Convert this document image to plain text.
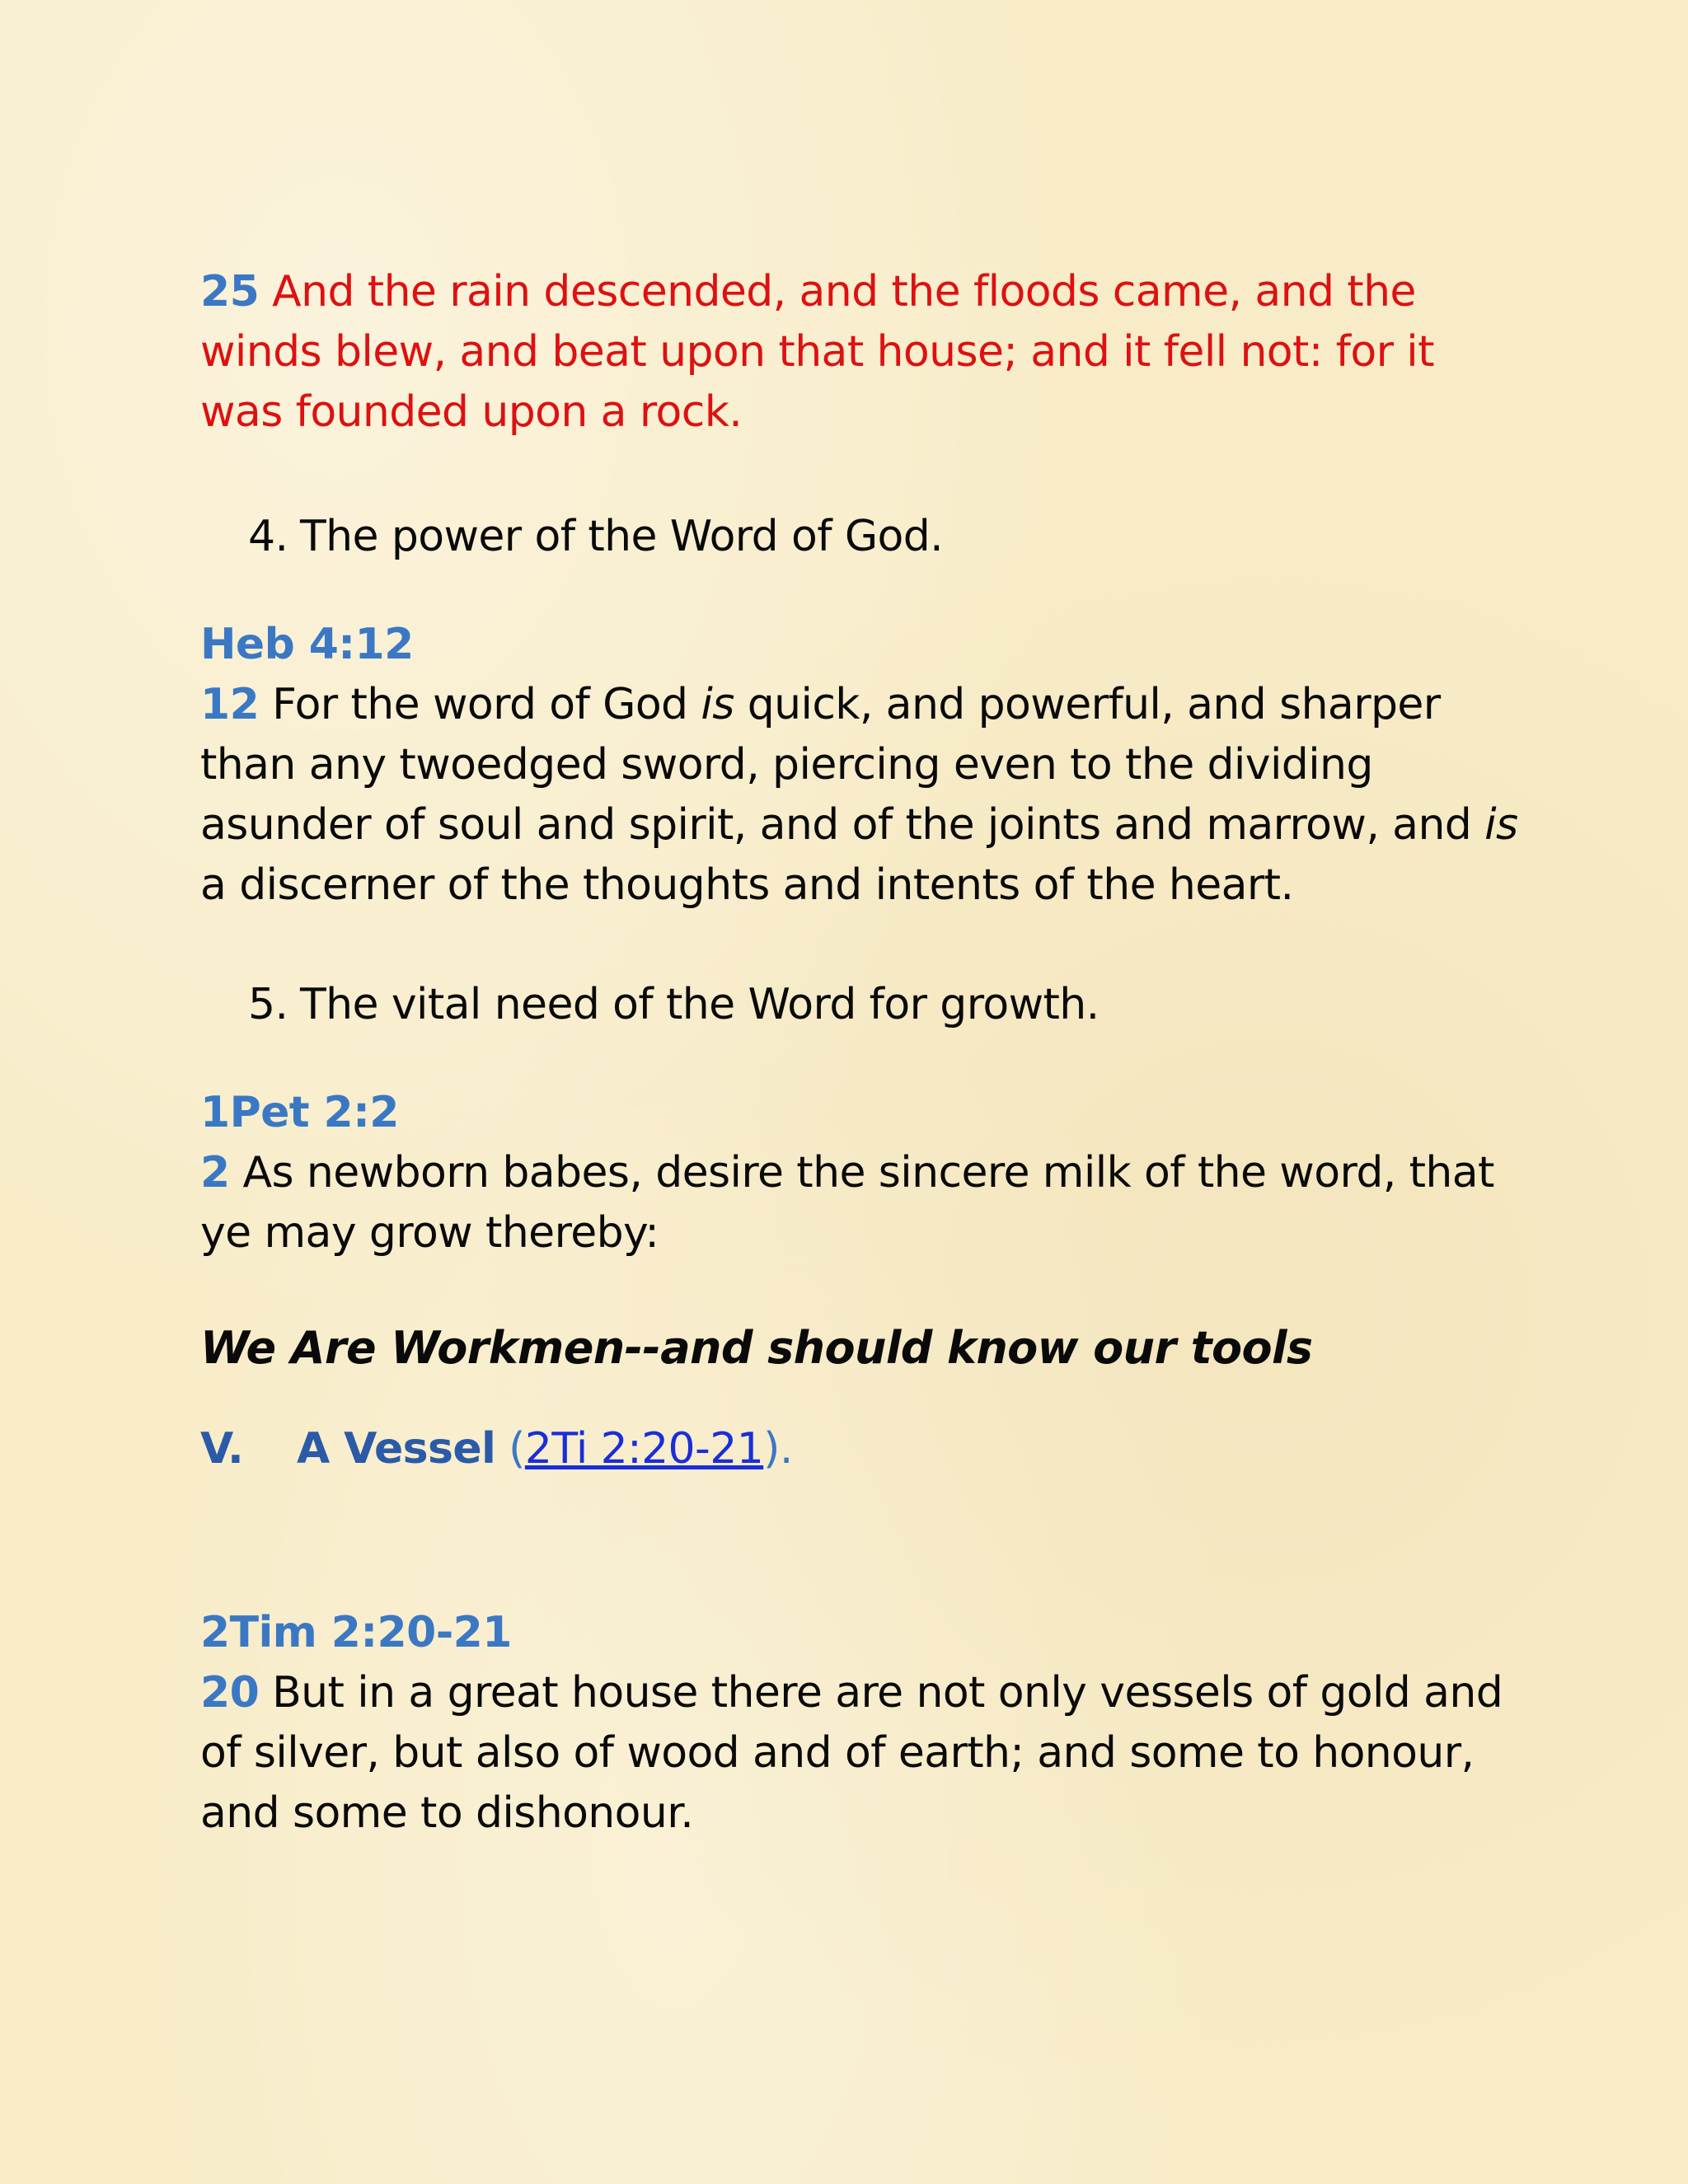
25 And the rain descended, and the floods came, and the winds blew, and beat upon that house; and it fell not: for it was founded upon a rock.

4. The power of the Word of God.

Heb 4:12

12 For the word of God is quick, and powerful, and sharper than any twoedged sword, piercing even to the dividing asunder of soul and spirit, and of the joints and marrow, and is a discerner of the thoughts and intents of the heart.

5. The vital need of the Word for growth.

1Pet 2:2

2 As newborn babes, desire the sincere milk of the word, that ye may grow thereby:

We Are Workmen--and should know our tools

V. A Vessel (2Ti 2:20-21).

2Tim 2:20-21

20 But in a great house there are not only vessels of gold and of silver, but also of wood and of earth; and some to honour, and some to dishonour.
